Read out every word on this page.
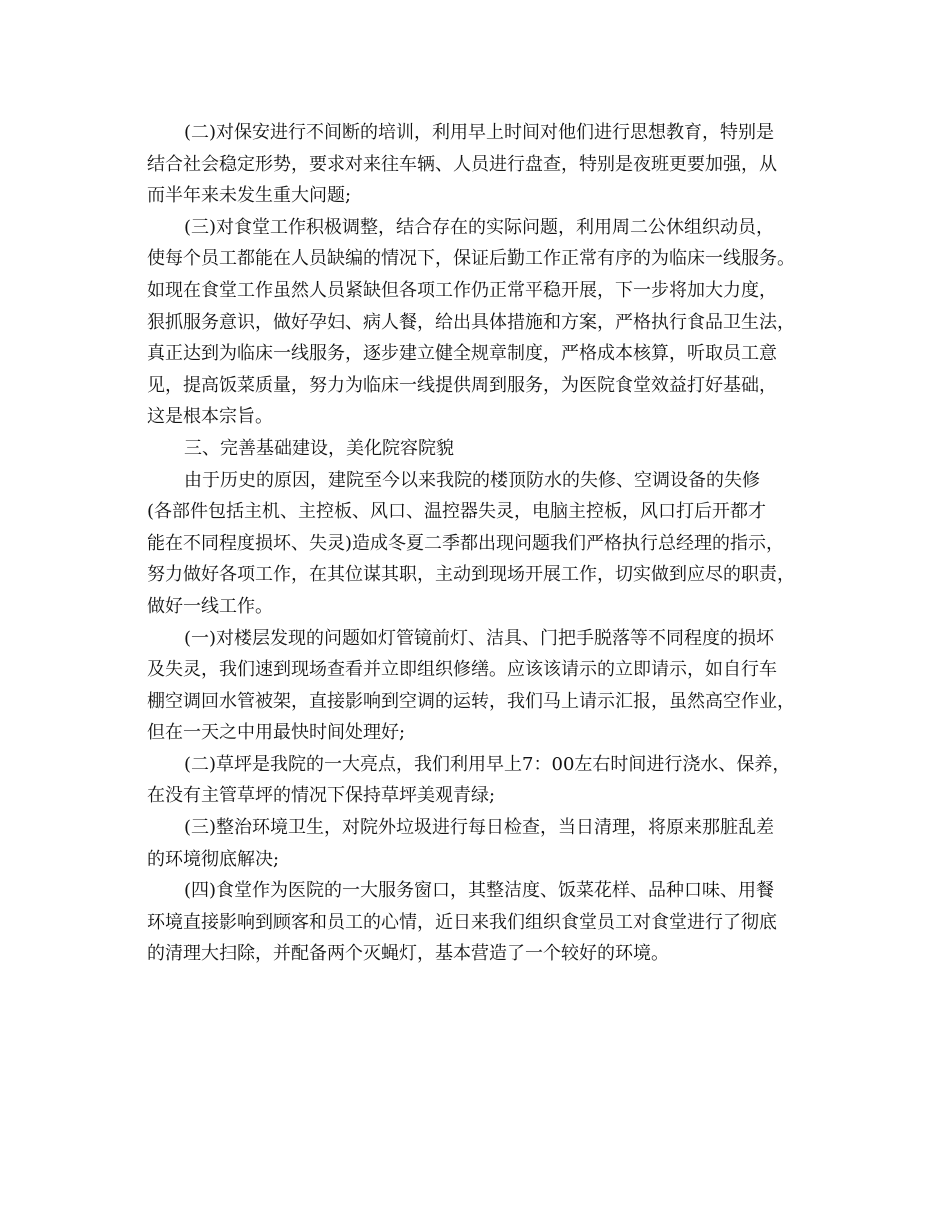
(二)对保安进行不间断的培训，利用早上时间对他们进行思想教育，特别是
结合社会稳定形势，要求对来往车辆、人员进行盘查，特别是夜班更要加强，从
而半年来未发生重大问题;
(三)对食堂工作积极调整，结合存在的实际问题，利用周二公休组织动员，
使每个员工都能在人员缺编的情况下，保证后勤工作正常有序的为临床一线服务。
如现在食堂工作虽然人员紧缺但各项工作仍正常平稳开展，下一步将加大力度，
狠抓服务意识，做好孕妇、病人餐，给出具体措施和方案，严格执行食品卫生法，
真正达到为临床一线服务，逐步建立健全规章制度，严格成本核算，听取员工意
见，提高饭菜质量，努力为临床一线提供周到服务，为医院食堂效益打好基础，
这是根本宗旨。
三、完善基础建设，美化院容院貌
由于历史的原因，建院至今以来我院的楼顶防水的失修、空调设备的失修
(各部件包括主机、主控板、风口、温控器失灵，电脑主控板，风口打后开都才
能在不同程度损坏、失灵)造成冬夏二季都出现问题我们严格执行总经理的指示，
努力做好各项工作，在其位谋其职，主动到现场开展工作，切实做到应尽的职责，
做好一线工作。
(一)对楼层发现的问题如灯管镜前灯、洁具、门把手脱落等不同程度的损坏
及失灵，我们速到现场查看并立即组织修缮。应该该请示的立即请示，如自行车
棚空调回水管被架，直接影响到空调的运转，我们马上请示汇报，虽然高空作业，
但在一天之中用最快时间处理好;
(二)草坪是我院的一大亮点，我们利用早上7：00左右时间进行浇水、保养，
在没有主管草坪的情况下保持草坪美观青绿;
(三)整治环境卫生，对院外垃圾进行每日检查，当日清理，将原来那脏乱差
的环境彻底解决;
(四)食堂作为医院的一大服务窗口，其整洁度、饭菜花样、品种口味、用餐
环境直接影响到顾客和员工的心情，近日来我们组织食堂员工对食堂进行了彻底
的清理大扫除，并配备两个灭蝇灯，基本营造了一个较好的环境。
